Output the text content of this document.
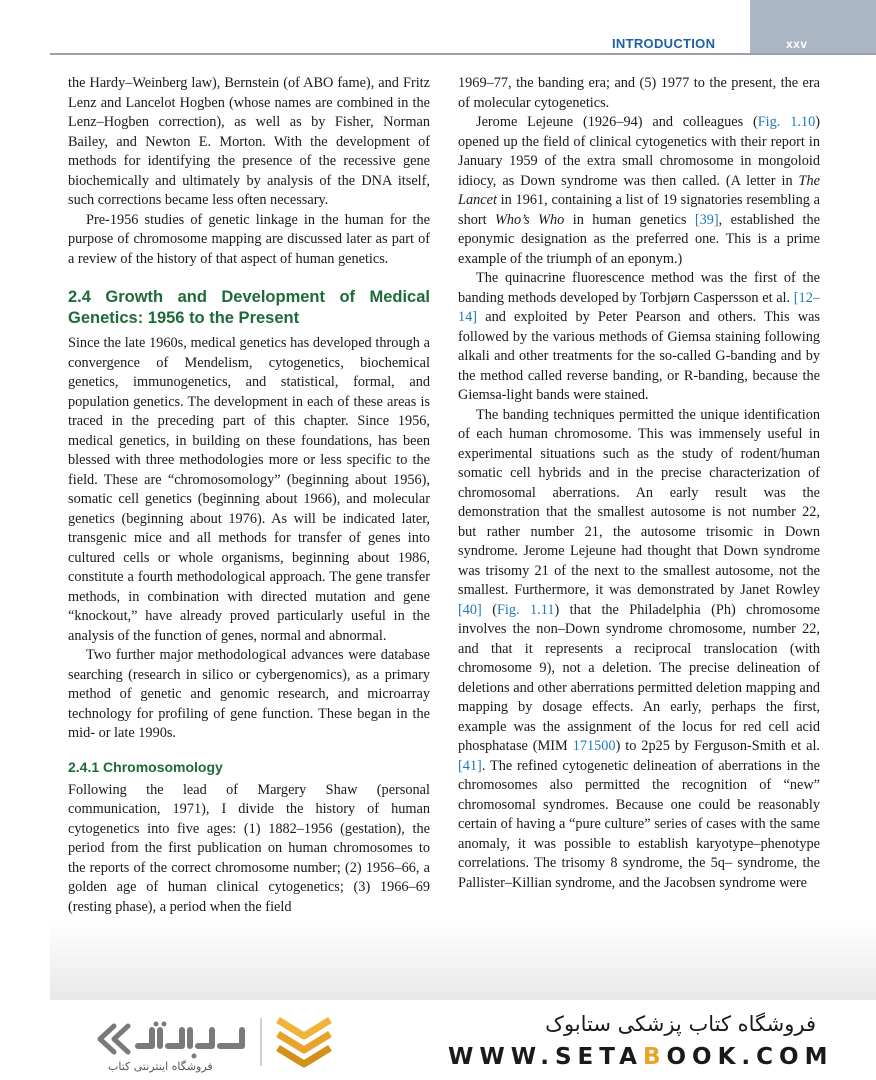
INTRODUCTION	xxv

the Hardy–Weinberg law), Bernstein (of ABO fame), and Fritz Lenz and Lancelot Hogben (whose names are combined in the Lenz–Hogben correction), as well as by Fisher, Norman Bailey, and Newton E. Morton. With the development of methods for identifying the presence of the recessive gene biochemically and ultimately by analysis of the DNA itself, such corrections became less often necessary.

Pre-1956 studies of genetic linkage in the human for the purpose of chromosome mapping are discussed later as part of a review of the history of that aspect of human genetics.

2.4 Growth and Development of Medical Genetics: 1956 to the Present

Since the late 1960s, medical genetics has developed through a convergence of Mendelism, cytogenetics, biochemical genetics, immunogenetics, and statistical, formal, and population genetics. The development in each of these areas is traced in the preceding part of this chapter. Since 1956, medical genetics, in building on these foundations, has been blessed with three methodologies more or less specific to the field. These are “chromosomology” (beginning about 1956), somatic cell genetics (beginning about 1966), and molecular genetics (beginning about 1976). As will be indicated later, transgenic mice and all methods for transfer of genes into cultured cells or whole organisms, beginning about 1986, constitute a fourth methodological approach. The gene transfer methods, in combination with directed mutation and gene “knockout,” have already proved particularly useful in the analysis of the function of genes, normal and abnormal.

Two further major methodological advances were database searching (research in silico or cybergenomics), as a primary method of genetic and genomic research, and microarray technology for profiling of gene function. These began in the mid- or late 1990s.

2.4.1 Chromosomology

Following the lead of Margery Shaw (personal communication, 1971), I divide the history of human cytogenetics into five ages: (1) 1882–1956 (gestation), the period from the first publication on human chromosomes to the reports of the correct chromosome number; (2) 1956–66, a golden age of human clinical cytogenetics; (3) 1966–69 (resting phase), a period when the field

1969–77, the banding era; and (5) 1977 to the present, the era of molecular cytogenetics.

Jerome Lejeune (1926–94) and colleagues (Fig. 1.10) opened up the field of clinical cytogenetics with their report in January 1959 of the extra small chromosome in mongoloid idiocy, as Down syndrome was then called. (A letter in The Lancet in 1961, containing a list of 19 signatories resembling a short Who’s Who in human genetics [39], established the eponymic designation as the preferred one. This is a prime example of the triumph of an eponym.)

The quinacrine fluorescence method was the first of the banding methods developed by Torbjørn Caspersson et al. [12–14] and exploited by Peter Pearson and others. This was followed by the various methods of Giemsa staining following alkali and other treatments for the so-called G-banding and by the method called reverse banding, or R-banding, because the Giemsa-light bands were stained.

The banding techniques permitted the unique identification of each human chromosome. This was immensely useful in experimental situations such as the study of rodent/human somatic cell hybrids and in the precise characterization of chromosomal aberrations. An early result was the demonstration that the smallest autosome is not number 22, but rather number 21, the autosome trisomic in Down syndrome. Jerome Lejeune had thought that Down syndrome was trisomy 21 of the next to the smallest autosome, not the smallest. Furthermore, it was demonstrated by Janet Rowley [40] (Fig. 1.11) that the Philadelphia (Ph) chromosome involves the non–Down syndrome chromosome, number 22, and that it represents a reciprocal translocation (with chromosome 9), not a deletion. The precise delineation of deletions and other aberrations permitted deletion mapping and mapping by dosage effects. An early, perhaps the first, example was the assignment of the locus for red cell acid phosphatase (MIM 171500) to 2p25 by Ferguson-Smith et al. [41]. The refined cytogenetic delineation of aberrations in the chromosomes also permitted the recognition of “new” chromosomal syndromes. Because one could be reasonably certain of having a “pure culture” series of cases with the same anomaly, it was possible to establish karyotype–phenotype correlations. The trisomy 8 syndrome, the 5q– syndrome, the Pallister–Killian syndrome, and the Jacobsen syndrome were

فروشگاه اینترنتی کتاب
فروشگاه کتاب پزشکی ستابوک
WWW.SETABOOK.COM
